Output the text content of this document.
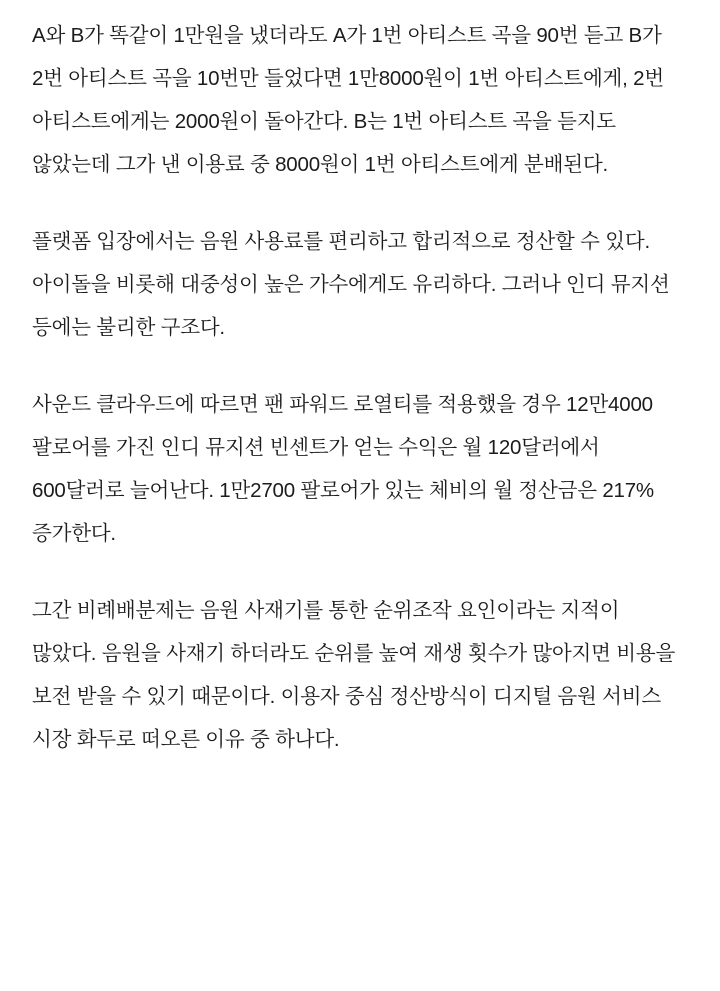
A와 B가 똑같이 1만원을 냈더라도 A가 1번 아티스트 곡을 90번 듣고 B가 2번 아티스트 곡을 10번만 들었다면 1만8000원이 1번 아티스트에게, 2번 아티스트에게는 2000원이 돌아간다. B는 1번 아티스트 곡을 듣지도 않았는데 그가 낸 이용료 중 8000원이 1번 아티스트에게 분배된다.

플랫폼 입장에서는 음원 사용료를 편리하고 합리적으로 정산할 수 있다. 아이돌을 비롯해 대중성이 높은 가수에게도 유리하다. 그러나 인디 뮤지션 등에는 불리한 구조다.

사운드 클라우드에 따르면 팬 파워드 로열티를 적용했을 경우 12만4000 팔로어를 가진 인디 뮤지션 빈센트가 얻는 수익은 월 120달러에서 600달러로 늘어난다. 1만2700 팔로어가 있는 체비의 월 정산금은 217% 증가한다.

그간 비례배분제는 음원 사재기를 통한 순위조작 요인이라는 지적이 많았다. 음원을 사재기 하더라도 순위를 높여 재생 횟수가 많아지면 비용을 보전 받을 수 있기 때문이다. 이용자 중심 정산방식이 디지털 음원 서비스 시장 화두로 떠오른 이유 중 하나다.
